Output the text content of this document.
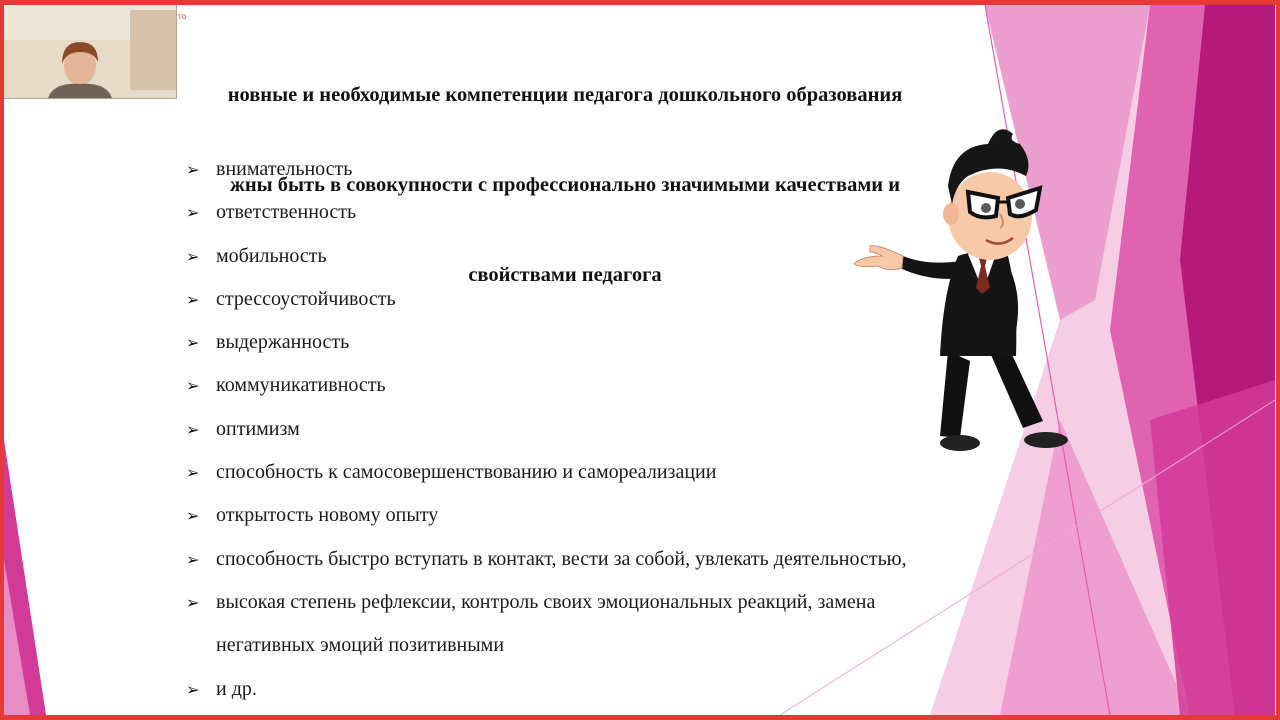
новные и необходимые компетенции педагога дошкольного образования

жны быть в совокупности с профессионально значимыми качествами и

свойствами педагога

➢ внимательность
➢ ответственность
➢ мобильность
➢ стрессоустойчивость
➢ выдержанность
➢ коммуникативность
➢ оптимизм
➢ способность к самосовершенствованию и самореализации
➢ открытость новому опыту
➢ способность быстро вступать в контакт, вести за собой, увлекать деятельностью,
➢ высокая степень рефлексии, контроль своих эмоциональных реакций, замена
негативных эмоций позитивными
➢ и др.
то
